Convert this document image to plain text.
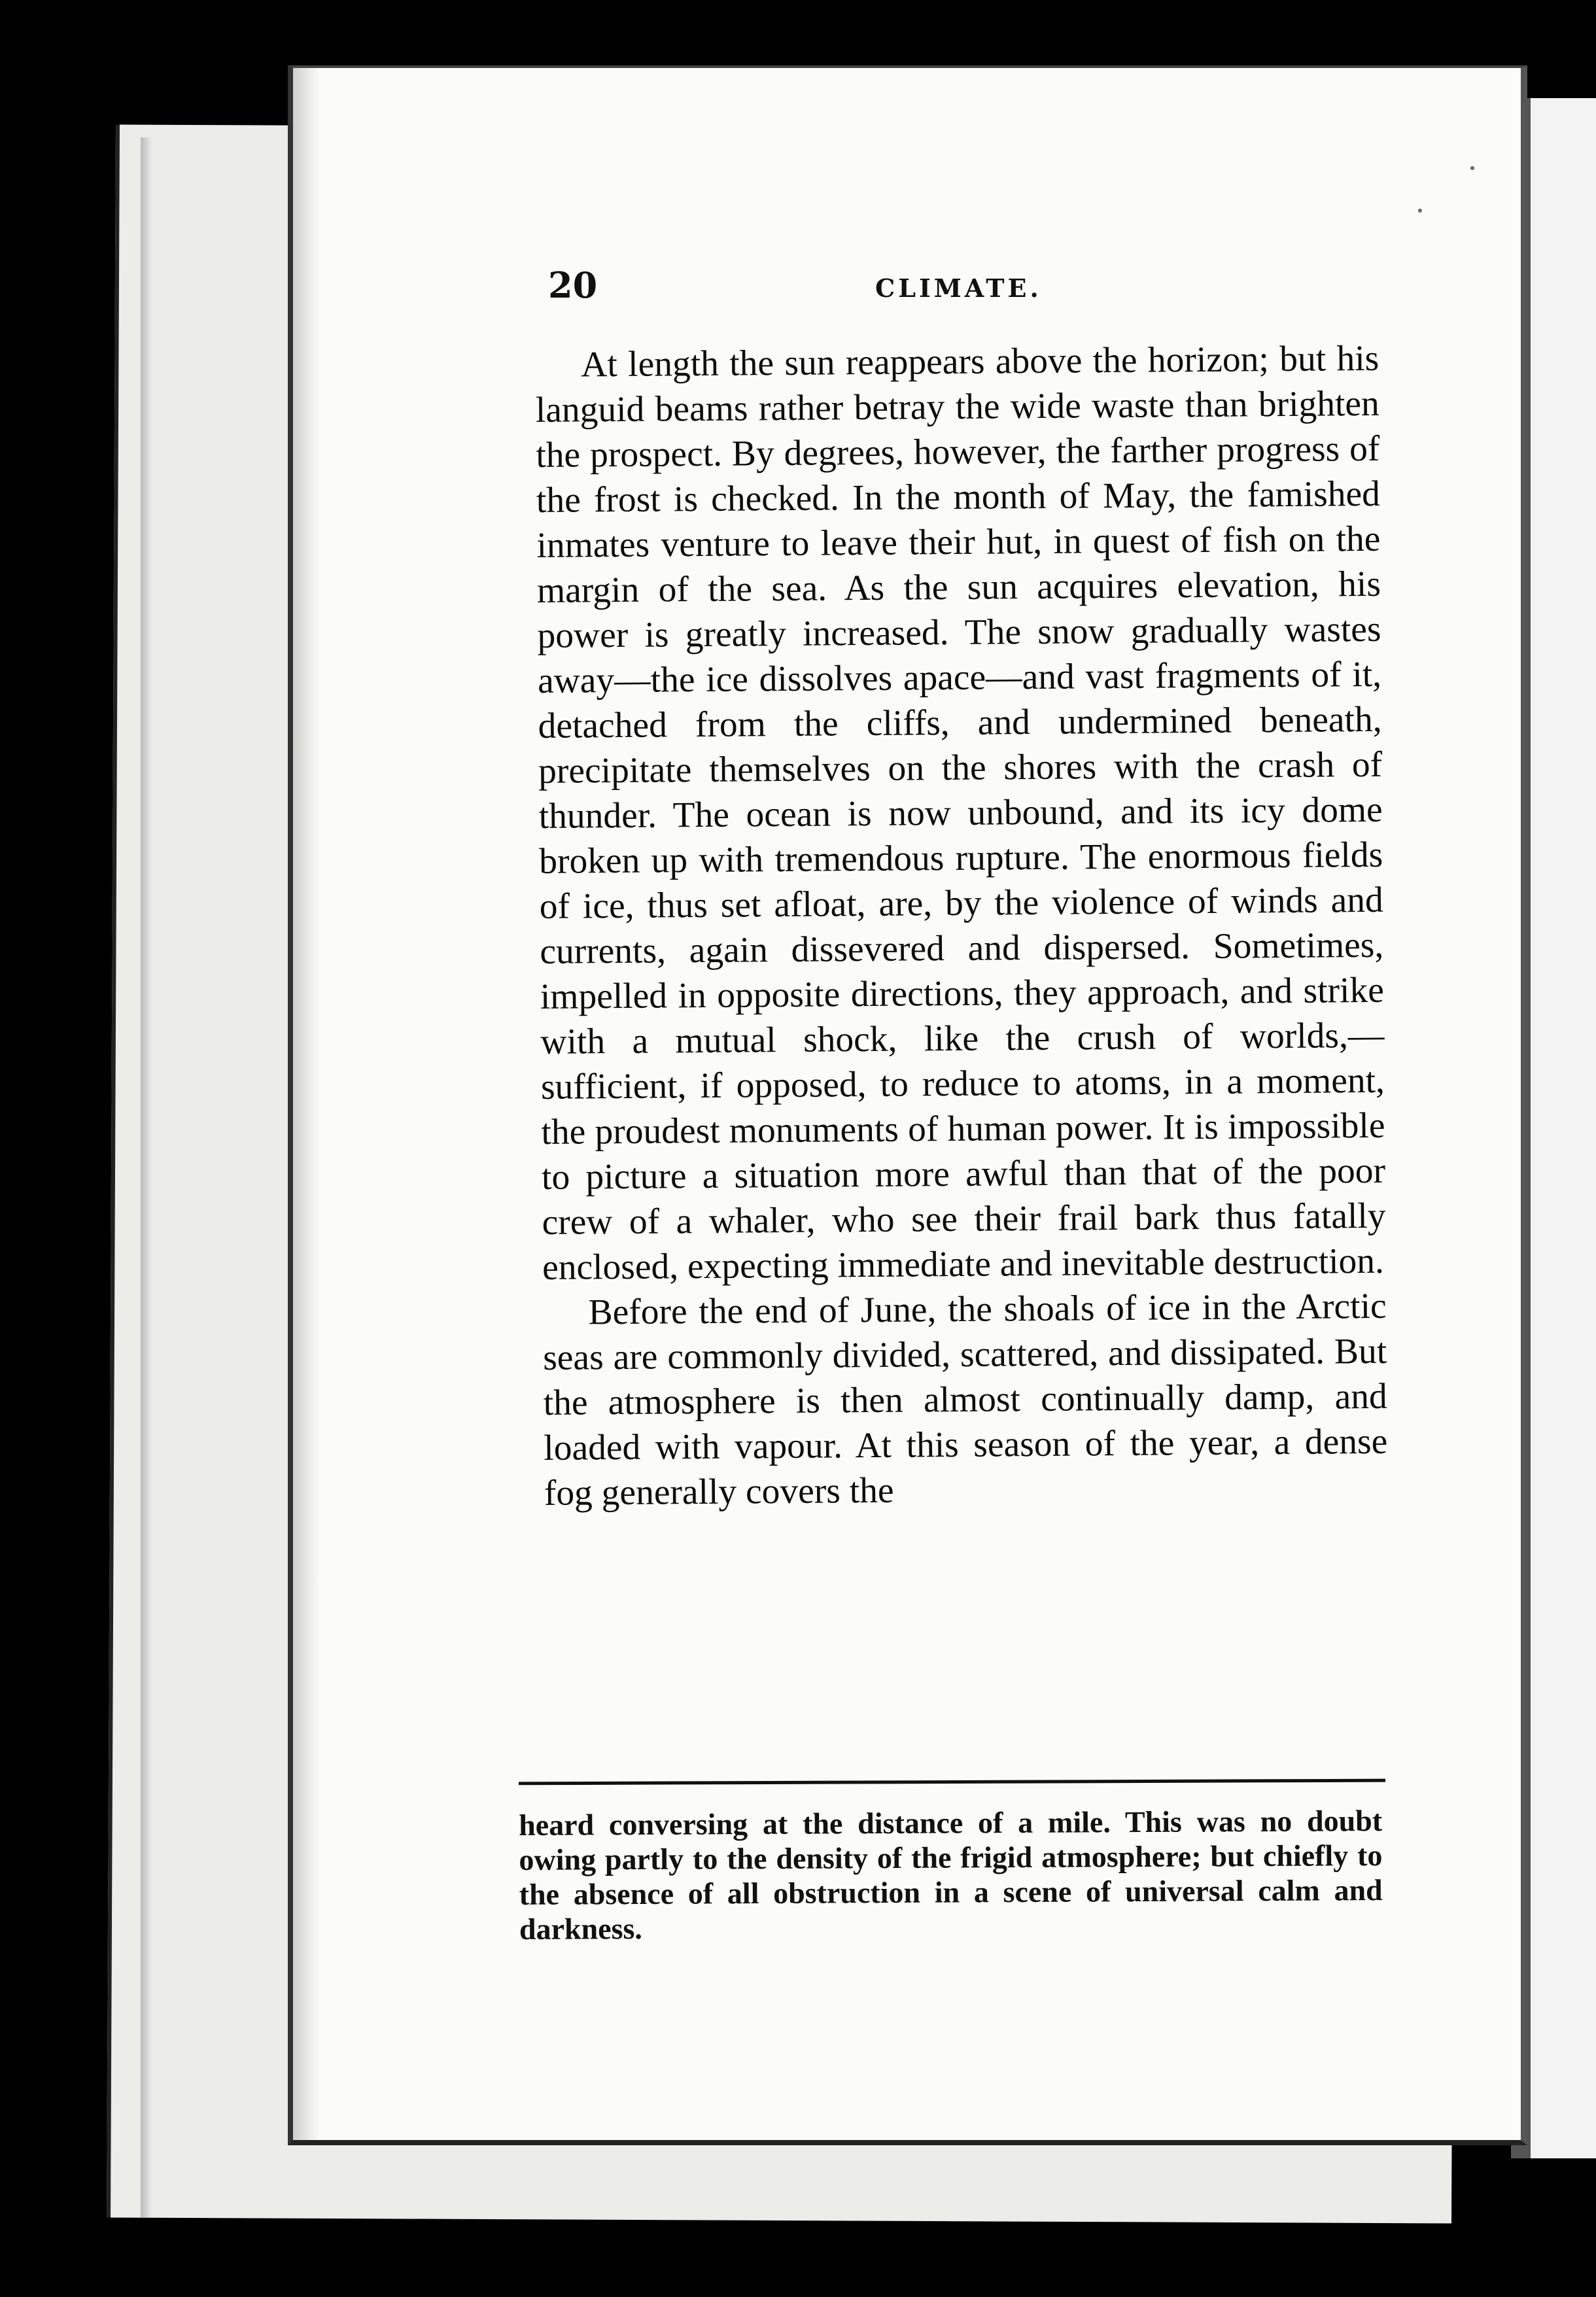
20	CLIMATE.

At length the sun reappears above the horizon; but his languid beams rather betray the wide waste than brighten the prospect. By degrees, however, the farther progress of the frost is checked. In the month of May, the famished inmates venture to leave their hut, in quest of fish on the margin of the sea. As the sun acquires elevation, his power is greatly increased. The snow gradually wastes away—the ice dissolves apace—and vast fragments of it, detached from the cliffs, and undermined beneath, precipitate themselves on the shores with the crash of thunder. The ocean is now unbound, and its icy dome broken up with tremendous rupture. The enormous fields of ice, thus set afloat, are, by the violence of winds and currents, again dissevered and dispersed. Sometimes, impelled in opposite directions, they approach, and strike with a mutual shock, like the crush of worlds,—sufficient, if opposed, to reduce to atoms, in a moment, the proudest monuments of human power. It is impossible to picture a situation more awful than that of the poor crew of a whaler, who see their frail bark thus fatally enclosed, expecting immediate and inevitable destruction.

Before the end of June, the shoals of ice in the Arctic seas are commonly divided, scattered, and dissipated. But the atmosphere is then almost continually damp, and loaded with vapour. At this season of the year, a dense fog generally covers the

heard conversing at the distance of a mile. This was no doubt owing partly to the density of the frigid atmosphere; but chiefly to the absence of all obstruction in a scene of universal calm and darkness.
